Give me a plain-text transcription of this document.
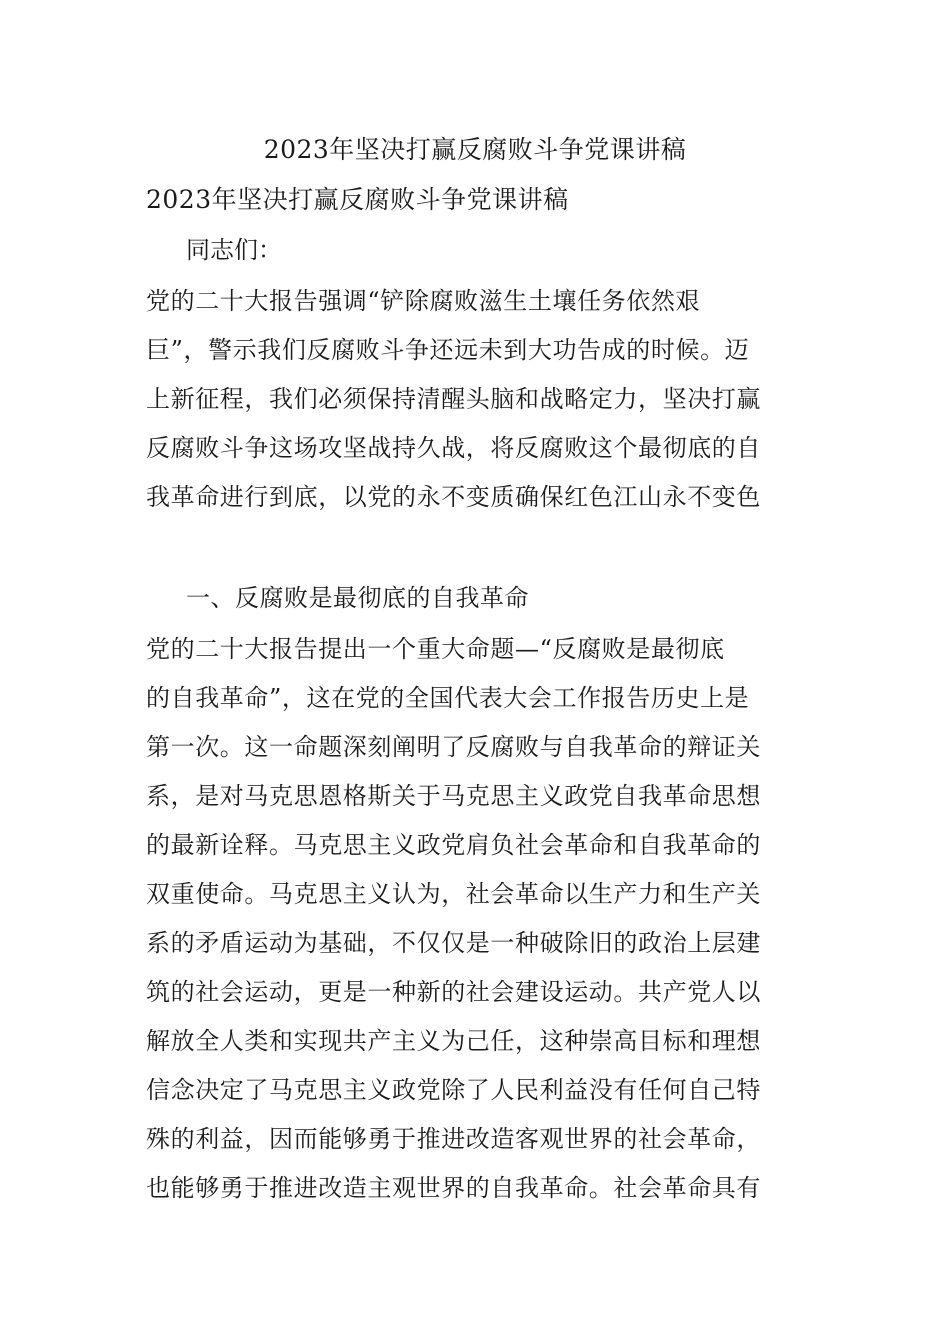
2023年坚决打赢反腐败斗争党课讲稿
2023年坚决打赢反腐败斗争党课讲稿

同志们：

党的二十大报告强调“铲除腐败滋生土壤任务依然艰
巨”，警示我们反腐败斗争还远未到大功告成的时候。迈
上新征程，我们必须保持清醒头脑和战略定力，坚决打赢
反腐败斗争这场攻坚战持久战，将反腐败这个最彻底的自
我革命进行到底，以党的永不变质确保红色江山永不变色

一、反腐败是最彻底的自我革命

党的二十大报告提出一个重大命题—“反腐败是最彻底
的自我革命”，这在党的全国代表大会工作报告历史上是
第一次。这一命题深刻阐明了反腐败与自我革命的辩证关
系，是对马克思恩格斯关于马克思主义政党自我革命思想
的最新诠释。马克思主义政党肩负社会革命和自我革命的
双重使命。马克思主义认为，社会革命以生产力和生产关
系的矛盾运动为基础，不仅仅是一种破除旧的政治上层建
筑的社会运动，更是一种新的社会建设运动。共产党人以
解放全人类和实现共产主义为己任，这种崇高目标和理想
信念决定了马克思主义政党除了人民利益没有任何自己特
殊的利益，因而能够勇于推进改造客观世界的社会革命，
也能够勇于推进改造主观世界的自我革命。社会革命具有
